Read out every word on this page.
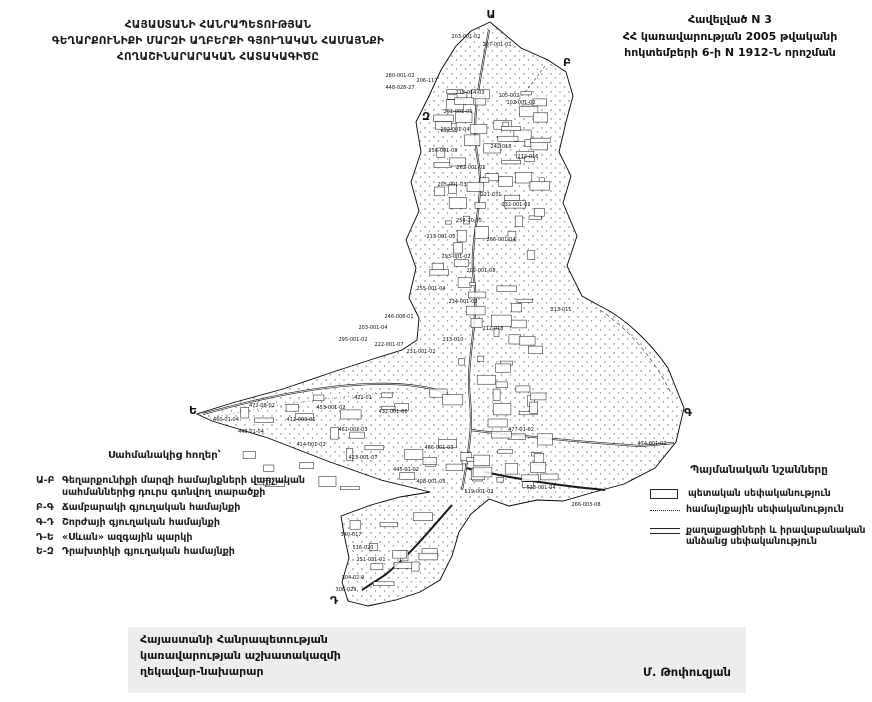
203-001-02
207-001-01
280-001-02
206-117
448-028-27
213-014-03	105-002
102-001-02
201-001-01
292-001-04
256-001-08
242-018
212-016
262-001-05
205-001-03
221-031
232-001-02
254-20-05
213-001-05	266-001-04
293-001-02
202-001-08
255-001-04
234-001-02
213-011
212-018
246-008-01
203-001-04
295-001-02
222-001-07
231-001-02
213-010
472-08-02
460-01-04
448-01-04
412-003-01
453-001-02
421-01
432-001-06
461-002-03
414-001-02
423-001-07
445-01-02
466-001-03
477-01-02
474-001-02
408-001-05
519-001-02
523-001-04
266-003-08
340-017
516-020
251-031-01
304-02-9
308-029
Ա
Բ
Գ
Դ
Ե
Զ
ՀԱՅԱՍՏԱՆԻ ՀԱՆՐԱՊԵՏՈՒԹՅԱՆ
ԳԵՂԱՐՔՈՒՆԻՔԻ ՄԱՐԶԻ ԱՂԲԵՐՔԻ ԳՅՈՒՂԱԿԱՆ ՀԱՄԱՅՆՔԻ
ՀՈՂԱՇԻՆԱՐԱՐԱԿԱՆ ՀԱՏԱԿԱԳԻԾԸ
Հավելված N 3
ՀՀ կառավարության 2005 թվականի
հոկտեմբերի 6-ի N 1912-Ն որոշման
Սահմանակից հողեր՝
Ա-Բ Գեղարքունիքի մարզի համայնքների վարչական սահմաններից դուրս գտնվող տարածքի
Բ-Գ Ճամբարակի գյուղական համայնքի
Գ-Դ Շորժայի գյուղական համայնքի
Դ-Ե «Սևան» ազգային պարկի
Ե-Զ Դրախտիկի գյուղական համայնքի
Պայմանական նշանները
պետական սեփականություն
համայնքային սեփականություն
քաղաքացիների և իրավաբանական անձանց սեփականություն
Հայաստանի Հանրապետության
կառավարության աշխատակազմի
ղեկավար-նախարար	Մ. Թոփուզյան
